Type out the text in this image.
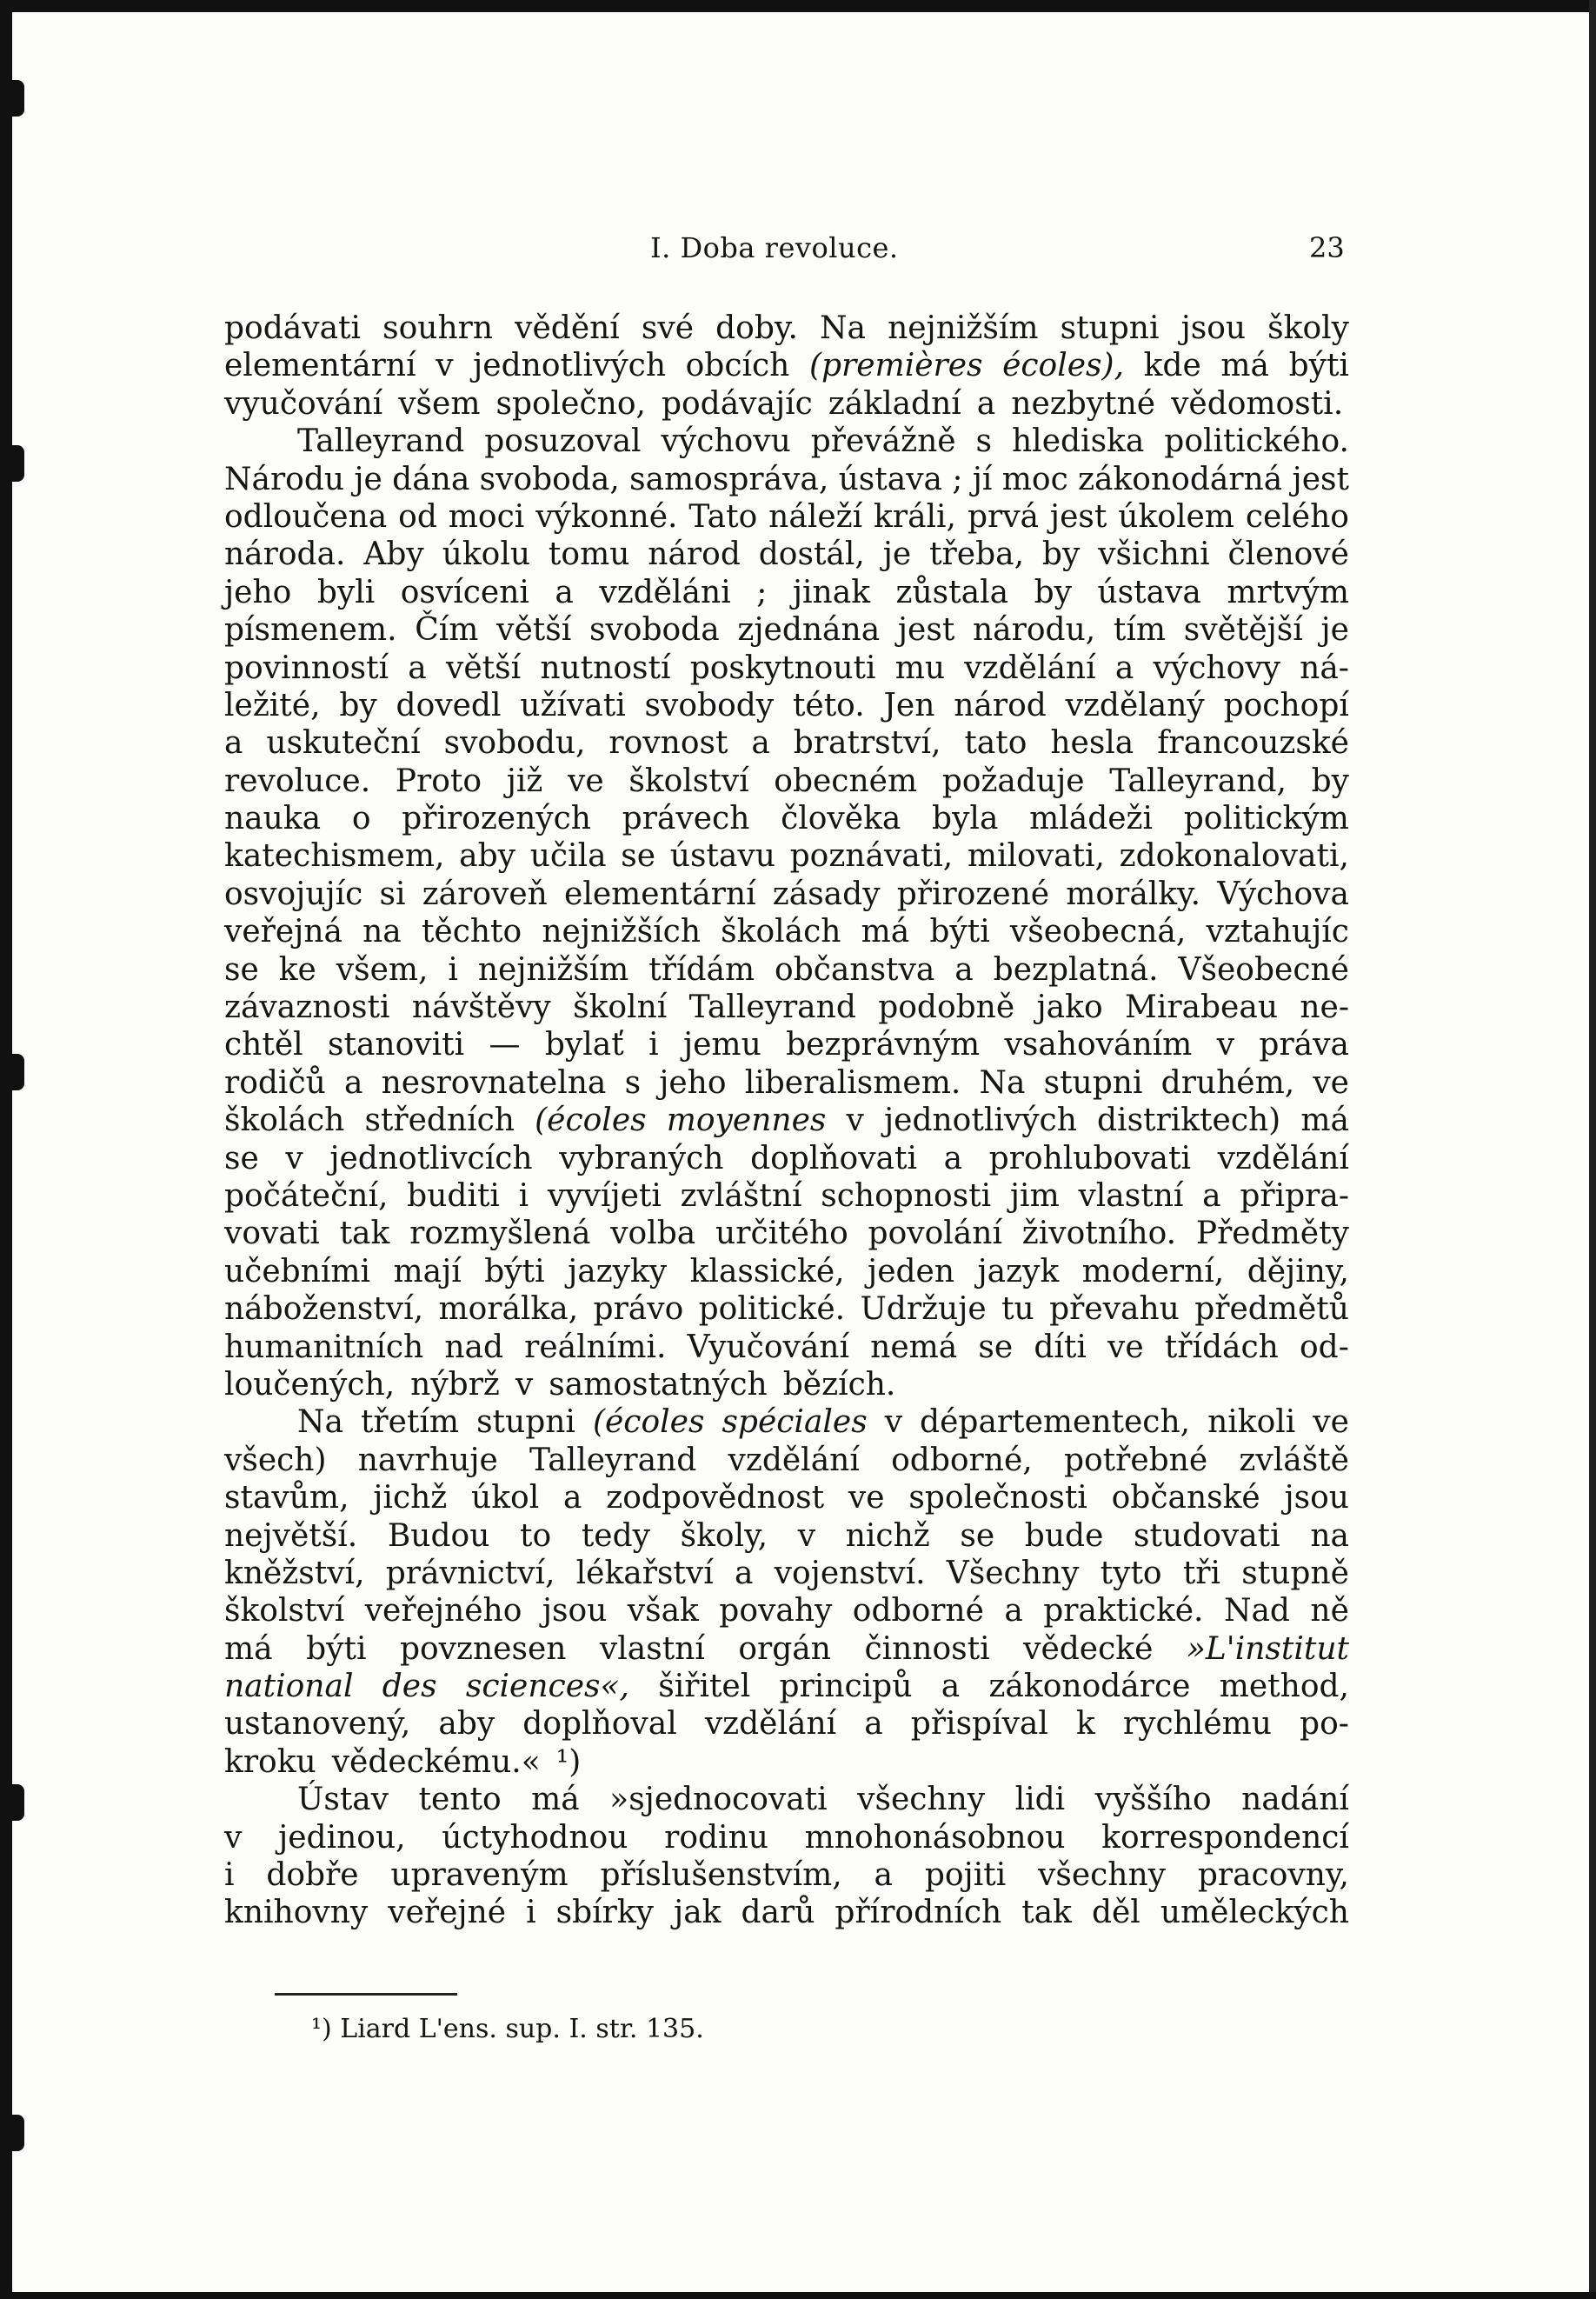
I. Doba revoluce.	23
podávati souhrn vědění své doby. Na nejnižším stupni jsou školy
elementární v jednotlivých obcích (premières écoles), kde má býti
vyučování všem společno, podávajíc základní a nezbytné vědomosti.
Talleyrand posuzoval výchovu převážně s hlediska politického.
Národu je dána svoboda, samospráva, ústava ; jí moc zákonodárná jest
odloučena od moci výkonné. Tato náleží králi, prvá jest úkolem celého
národa. Aby úkolu tomu národ dostál, je třeba, by všichni členové
jeho byli osvíceni a vzděláni ; jinak zůstala by ústava mrtvým
písmenem. Čím větší svoboda zjednána jest národu, tím světější je
povinností a větší nutností poskytnouti mu vzdělání a výchovy ná-
ležité, by dovedl užívati svobody této. Jen národ vzdělaný pochopí
a uskuteční svobodu, rovnost a bratrství, tato hesla francouzské
revoluce. Proto již ve školství obecném požaduje Talleyrand, by
nauka o přirozených právech člověka byla mládeži politickým
katechismem, aby učila se ústavu poznávati, milovati, zdokonalovati,
osvojujíc si zároveň elementární zásady přirozené morálky. Výchova
veřejná na těchto nejnižších školách má býti všeobecná, vztahujíc
se ke všem, i nejnižším třídám občanstva a bezplatná. Všeobecné
závaznosti návštěvy školní Talleyrand podobně jako Mirabeau ne-
chtěl stanoviti — bylať i jemu bezprávným vsahováním v práva
rodičů a nesrovnatelna s jeho liberalismem. Na stupni druhém, ve
školách středních (écoles moyennes v jednotlivých distriktech) má
se v jednotlivcích vybraných doplňovati a prohlubovati vzdělání
počáteční, buditi i vyvíjeti zvláštní schopnosti jim vlastní a připra-
vovati tak rozmyšlená volba určitého povolání životního. Předměty
učebními mají býti jazyky klassické, jeden jazyk moderní, dějiny,
náboženství, morálka, právo politické. Udržuje tu převahu předmětů
humanitních nad reálními. Vyučování nemá se díti ve třídách od-
loučených, nýbrž v samostatných bězích.
Na třetím stupni (écoles spéciales v départementech, nikoli ve
všech) navrhuje Talleyrand vzdělání odborné, potřebné zvláště
stavům, jichž úkol a zodpovědnost ve společnosti občanské jsou
největší. Budou to tedy školy, v nichž se bude studovati na
kněžství, právnictví, lékařství a vojenství. Všechny tyto tři stupně
školství veřejného jsou však povahy odborné a praktické. Nad ně
má býti povznesen vlastní orgán činnosti vědecké »L'institut
national des sciences«, šiřitel principů a zákonodárce method,
ustanovený, aby doplňoval vzdělání a přispíval k rychlému po-
kroku vědeckému.« ¹)
Ústav tento má »sjednocovati všechny lidi vyššího nadání
v jedinou, úctyhodnou rodinu mnohonásobnou korrespondencí
i dobře upraveným příslušenstvím, a pojiti všechny pracovny,
knihovny veřejné i sbírky jak darů přírodních tak děl uměleckých
¹) Liard L'ens. sup. I. str. 135.
